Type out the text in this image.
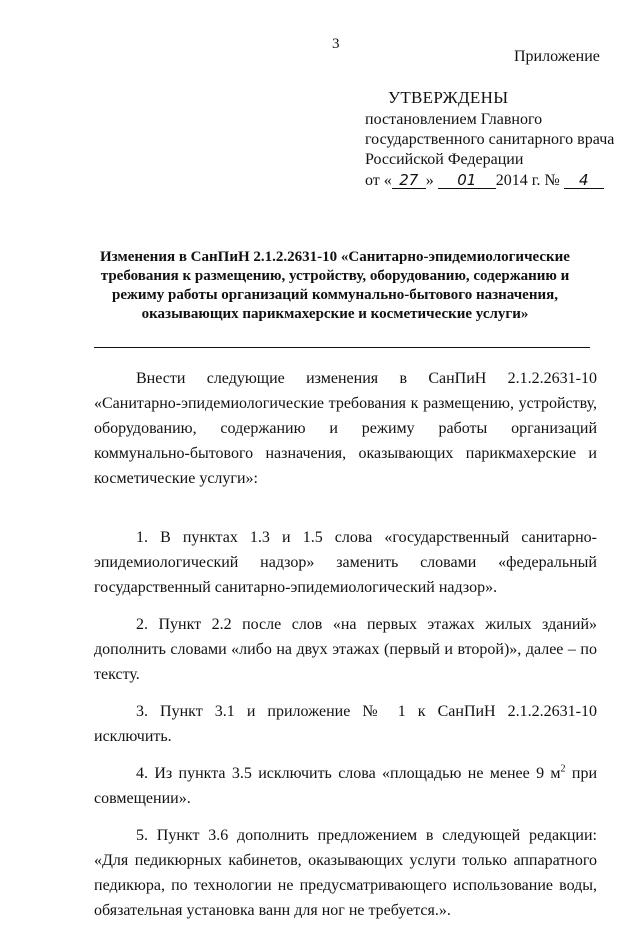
3
Приложение
УТВЕРЖДЕНЫ
постановлением Главного
государственного санитарного врача
Российской Федерации
от « 27 » 01 2014 г. № 4
Изменения в СанПиН 2.1.2.2631-10 «Санитарно-эпидемиологические требования к размещению, устройству, оборудованию, содержанию и режиму работы организаций коммунально-бытового назначения, оказывающих парикмахерские и косметические услуги»

Внести следующие изменения в СанПиН 2.1.2.2631-10 «Санитарно-эпидемиологические требования к размещению, устройству, оборудованию, содержанию и режиму работы организаций коммунально-бытового назначения, оказывающих парикмахерские и косметические услуги»:

1. В пунктах 1.3 и 1.5 слова «государственный санитарно-эпидемиологический надзор» заменить словами «федеральный государственный санитарно-эпидемиологический надзор».

2. Пункт 2.2 после слов «на первых этажах жилых зданий» дополнить словами «либо на двух этажах (первый и второй)», далее – по тексту.

3. Пункт 3.1 и приложение № 1 к СанПиН 2.1.2.2631-10 исключить.

4. Из пункта 3.5 исключить слова «площадью не менее 9 $м^2$ при совмещении».

5. Пункт 3.6 дополнить предложением в следующей редакции: «Для педикюрных кабинетов, оказывающих услуги только аппаратного педикюра, по технологии не предусматривающего использование воды, обязательная установка ванн для ног не требуется.».
